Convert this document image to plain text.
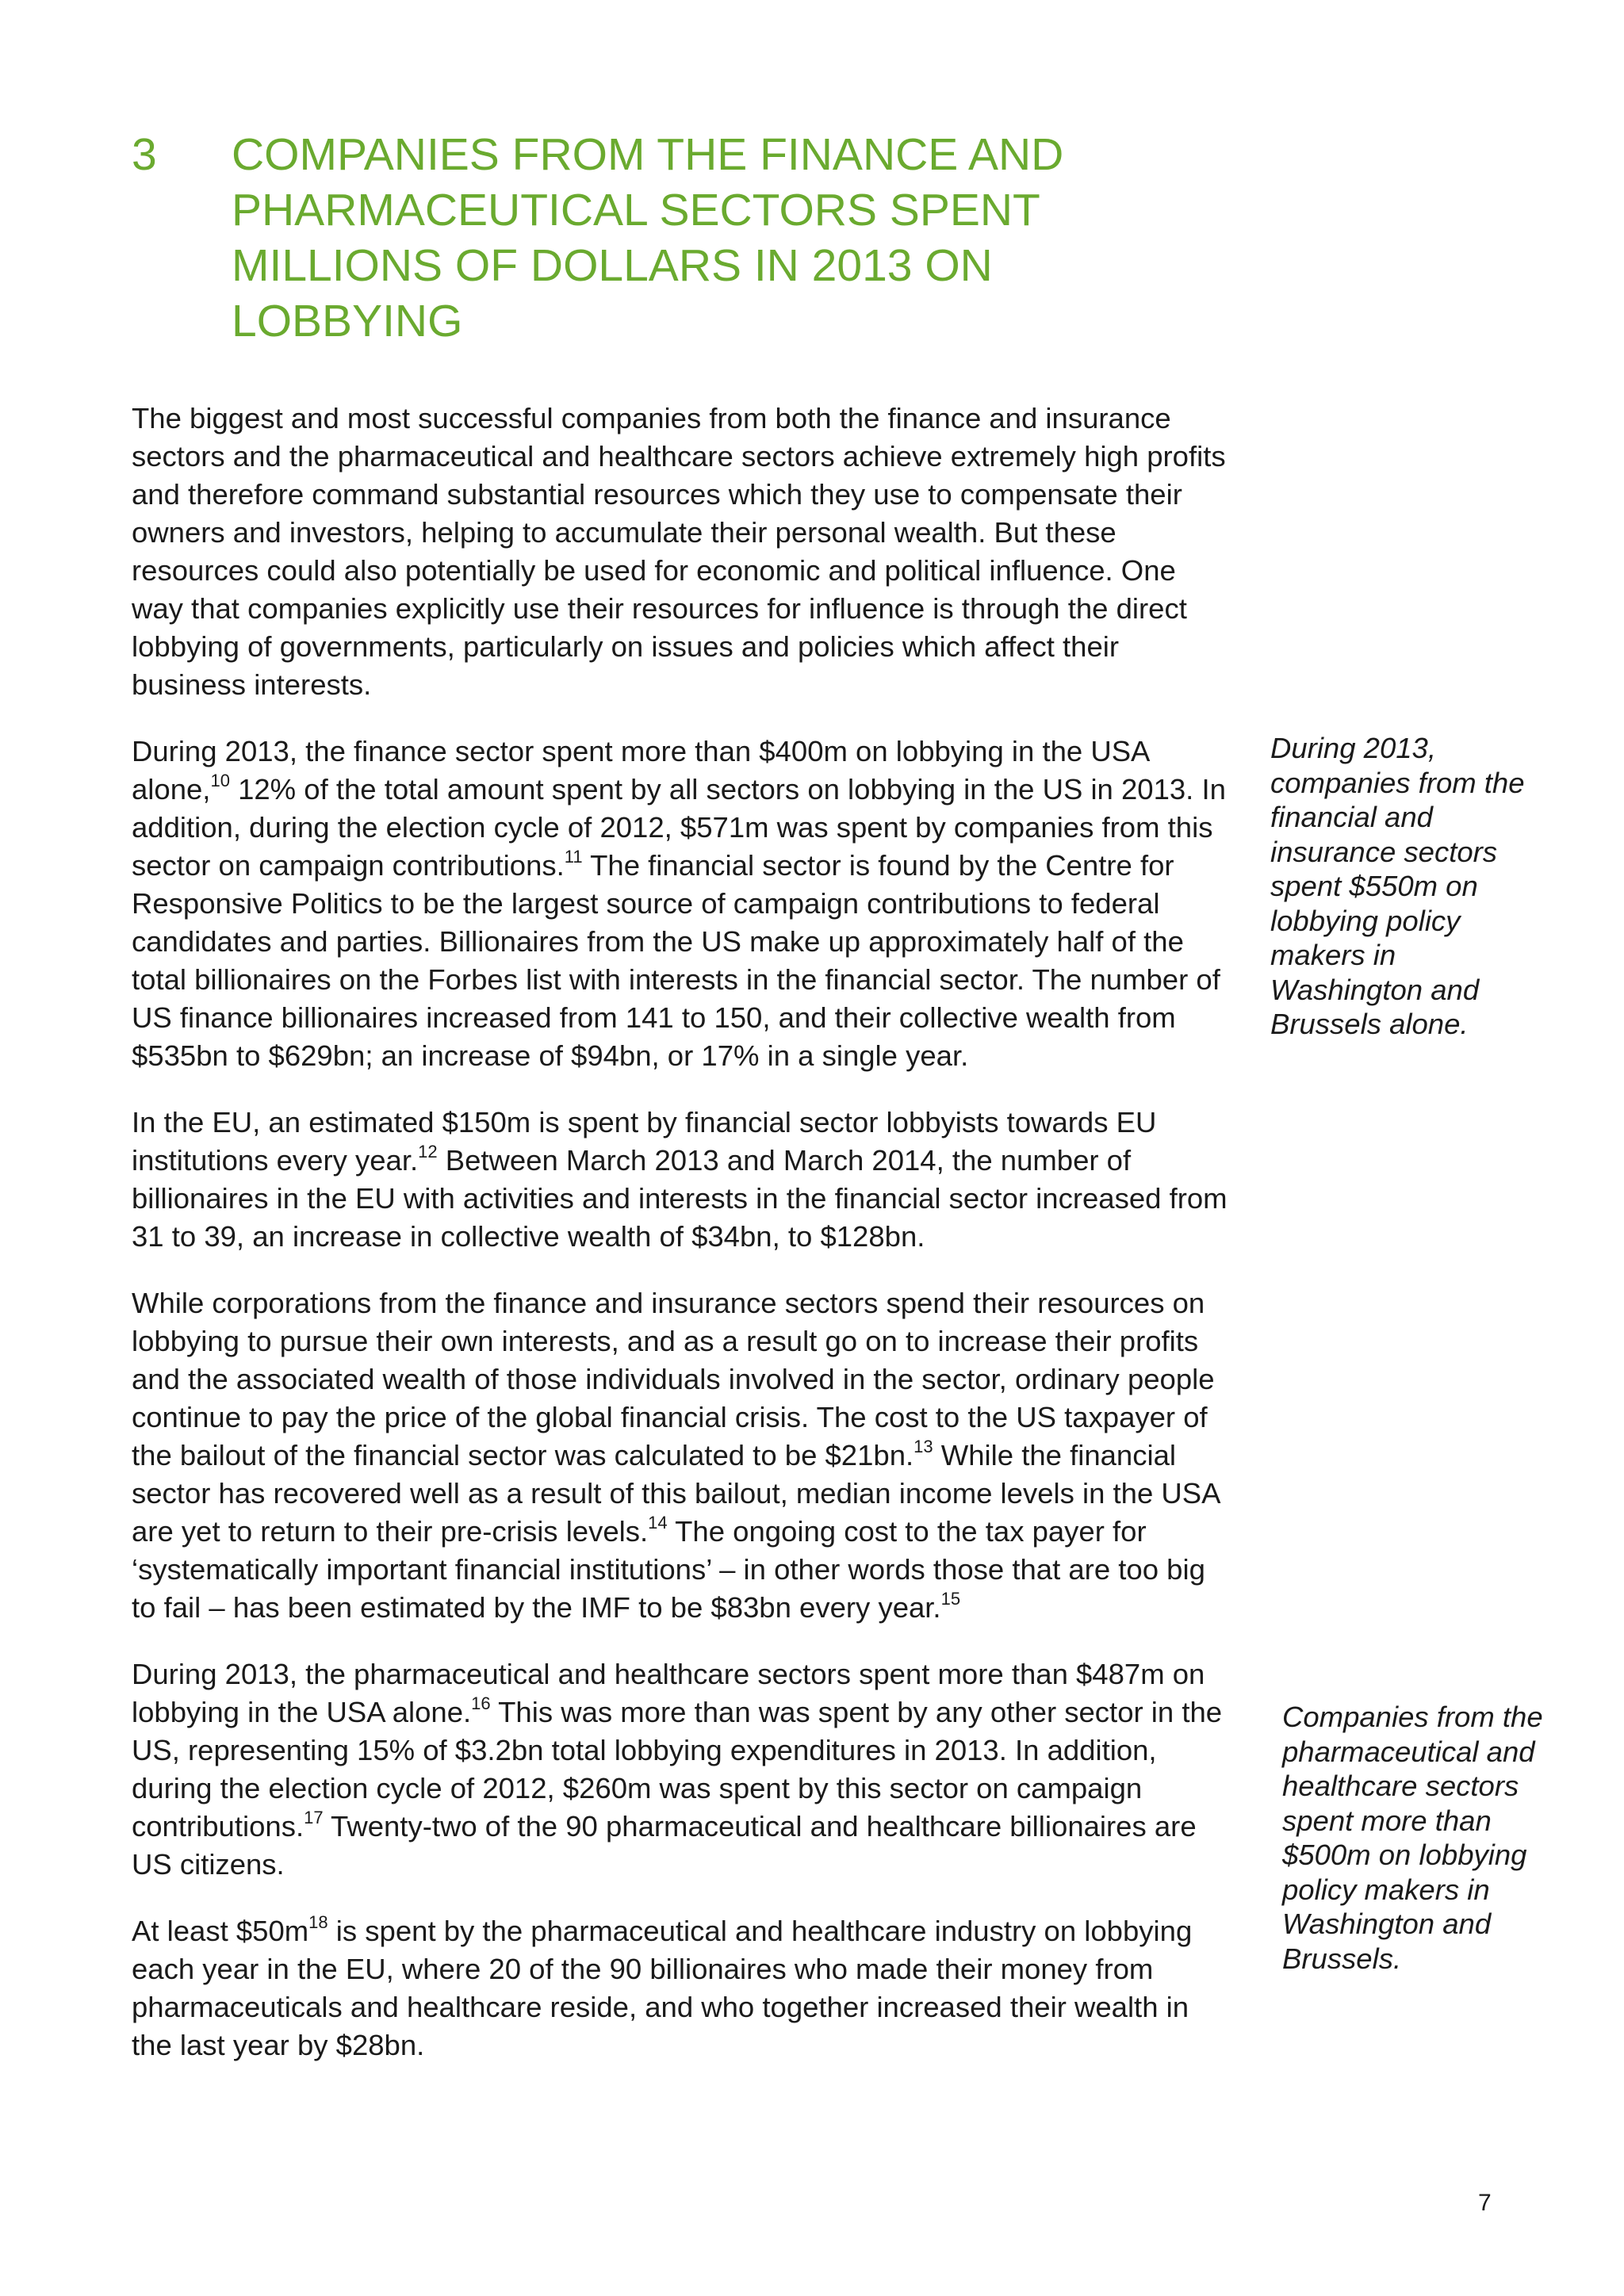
3	COMPANIES FROM THE FINANCE AND
PHARMACEUTICAL SECTORS SPENT
MILLIONS OF DOLLARS IN 2013 ON
LOBBYING

The biggest and most successful companies from both the finance and insurance sectors and the pharmaceutical and healthcare sectors achieve extremely high profits and therefore command substantial resources which they use to compensate their owners and investors, helping to accumulate their personal wealth. But these resources could also potentially be used for economic and political influence. One way that companies explicitly use their resources for influence is through the direct lobbying of governments, particularly on issues and policies which affect their business interests.

During 2013, the finance sector spent more than $400m on lobbying in the USA alone,$^{10}$ 12% of the total amount spent by all sectors on lobbying in the US in 2013. In addition, during the election cycle of 2012, $571m was spent by companies from this sector on campaign contributions.$^{11}$ The financial sector is found by the Centre for Responsive Politics to be the largest source of campaign contributions to federal candidates and parties. Billionaires from the US make up approximately half of the total billionaires on the Forbes list with interests in the financial sector. The number of US finance billionaires increased from 141 to 150, and their collective wealth from $535bn to $629bn; an increase of $94bn, or 17% in a single year.

In the EU, an estimated $150m is spent by financial sector lobbyists towards EU institutions every year.$^{12}$ Between March 2013 and March 2014, the number of billionaires in the EU with activities and interests in the financial sector increased from 31 to 39, an increase in collective wealth of $34bn, to $128bn.

While corporations from the finance and insurance sectors spend their resources on lobbying to pursue their own interests, and as a result go on to increase their profits and the associated wealth of those individuals involved in the sector, ordinary people continue to pay the price of the global financial crisis. The cost to the US taxpayer of the bailout of the financial sector was calculated to be $21bn.$^{13}$ While the financial sector has recovered well as a result of this bailout, median income levels in the USA are yet to return to their pre-crisis levels.$^{14}$ The ongoing cost to the tax payer for ‘systematically important financial institutions’ – in other words those that are too big to fail – has been estimated by the IMF to be $83bn every year.$^{15}$

During 2013, the pharmaceutical and healthcare sectors spent more than $487m on lobbying in the USA alone.$^{16}$ This was more than was spent by any other sector in the US, representing 15% of $3.2bn total lobbying expenditures in 2013. In addition, during the election cycle of 2012, $260m was spent by this sector on campaign contributions.$^{17}$ Twenty-two of the 90 pharmaceutical and healthcare billionaires are US citizens.

At least $\$50m^{18}$ is spent by the pharmaceutical and healthcare industry on lobbying each year in the EU, where 20 of the 90 billionaires who made their money from pharmaceuticals and healthcare reside, and who together increased their wealth in the last year by $28bn.

During 2013, companies from the financial and insurance sectors spent $550m on lobbying policy makers in Washington and Brussels alone.
Companies from the pharmaceutical and healthcare sectors spent more than $500m on lobbying policy makers in Washington and Brussels.
7
